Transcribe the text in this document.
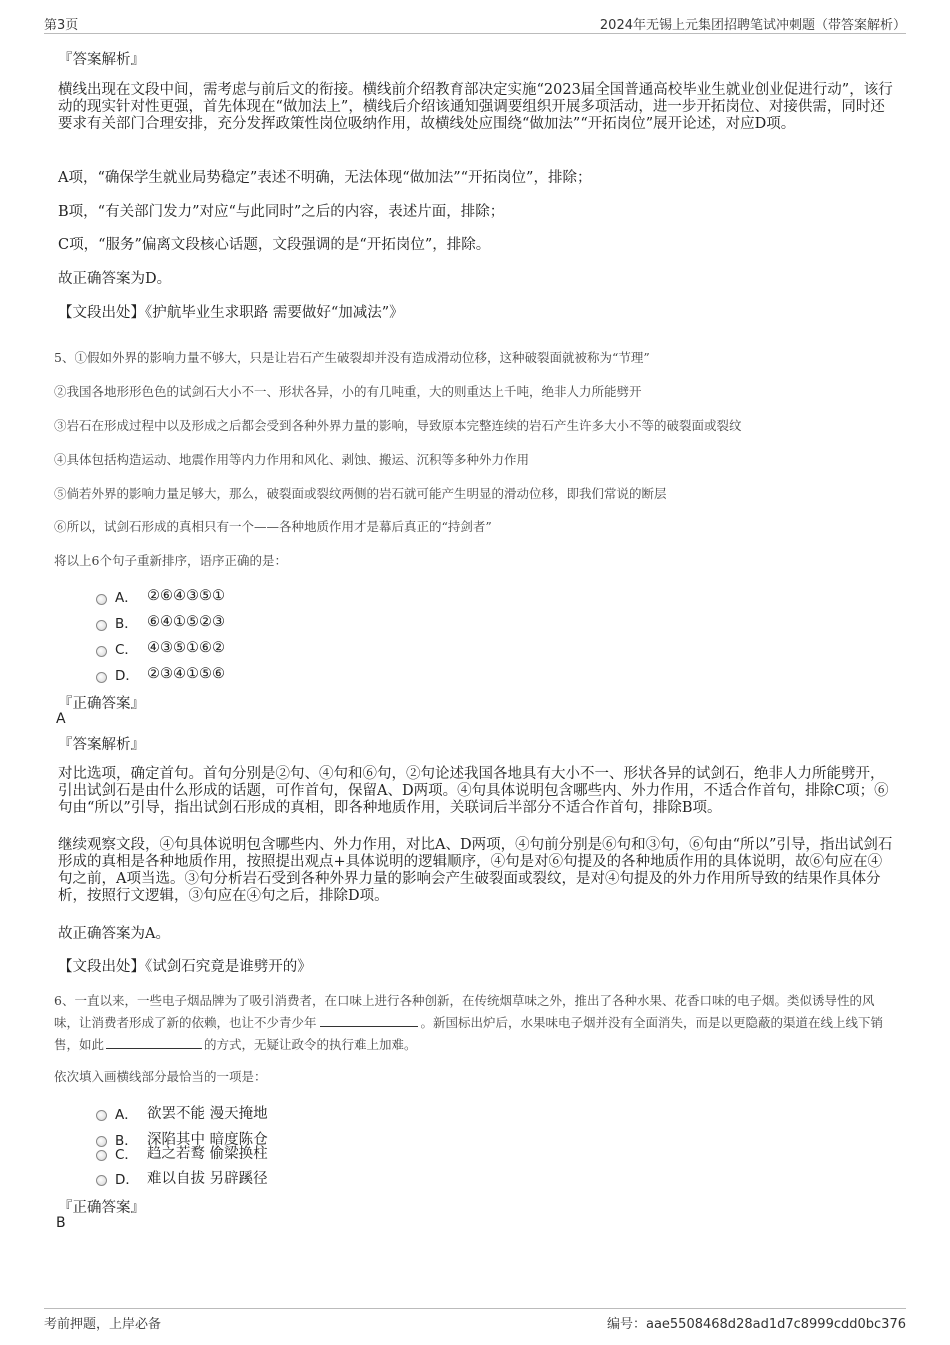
第3页	2024年无锡上元集团招聘笔试冲刺题（带答案解析）
『答案解析』
横线出现在文段中间，需考虑与前后文的衔接。横线前介绍教育部决定实施“2023届全国普通高校毕业生就业创业促进行动”，该行动的现实针对性更强，首先体现在“做加法上”，横线后介绍该通知强调要组织开展多项活动，进一步开拓岗位、对接供需，同时还要求有关部门合理安排，充分发挥政策性岗位吸纳作用，故横线处应围绕“做加法”“开拓岗位”展开论述，对应D项。
A项，“确保学生就业局势稳定”表述不明确，无法体现“做加法”“开拓岗位”，排除；
B项，“有关部门发力”对应“与此同时”之后的内容，表述片面，排除；
C项，“服务”偏离文段核心话题，文段强调的是“开拓岗位”，排除。
故正确答案为D。
【文段出处】《护航毕业生求职路 需要做好“加减法”》
5、①假如外界的影响力量不够大，只是让岩石产生破裂却并没有造成滑动位移，这种破裂面就被称为“节理”
②我国各地形形色色的试剑石大小不一、形状各异，小的有几吨重，大的则重达上千吨，绝非人力所能劈开
③岩石在形成过程中以及形成之后都会受到各种外界力量的影响，导致原本完整连续的岩石产生许多大小不等的破裂面或裂纹
④具体包括构造运动、地震作用等内力作用和风化、剥蚀、搬运、沉积等多种外力作用
⑤倘若外界的影响力量足够大，那么，破裂面或裂纹两侧的岩石就可能产生明显的滑动位移，即我们常说的断层
⑥所以，试剑石形成的真相只有一个——各种地质作用才是幕后真正的“持剑者”
将以上6个句子重新排序，语序正确的是：
A． ②⑥④③⑤①
B． ⑥④①⑤②③
C． ④③⑤①⑥②
D． ②③④①⑤⑥
『正确答案』
A
『答案解析』
对比选项，确定首句。首句分别是②句、④句和⑥句，②句论述我国各地具有大小不一、形状各异的试剑石，绝非人力所能劈开，引出试剑石是由什么形成的话题，可作首句，保留A、D两项。④句具体说明包含哪些内、外力作用，不适合作首句，排除C项；⑥句由“所以”引导，指出试剑石形成的真相，即各种地质作用，关联词后半部分不适合作首句，排除B项。
继续观察文段，④句具体说明包含哪些内、外力作用，对比A、D两项，④句前分别是⑥句和③句，⑥句由“所以”引导，指出试剑石形成的真相是各种地质作用，按照提出观点+具体说明的逻辑顺序，④句是对⑥句提及的各种地质作用的具体说明，故⑥句应在④句之前，A项当选。③句分析岩石受到各种外界力量的影响会产生破裂面或裂纹，是对④句提及的外力作用所导致的结果作具体分析，按照行文逻辑，③句应在④句之后，排除D项。
故正确答案为A。
【文段出处】《试剑石究竟是谁劈开的》
6、一直以来，一些电子烟品牌为了吸引消费者，在口味上进行各种创新，在传统烟草味之外，推出了各种水果、花香口味的电子烟。类似诱导性的风味，让消费者形成了新的依赖，也让不少青少年	。新国标出炉后，水果味电子烟并没有全面消失，而是以更隐蔽的渠道在线上线下销售，如此	的方式，无疑让政令的执行难上加难。
依次填入画横线部分最恰当的一项是：
A． 欲罢不能 漫天掩地
B． 深陷其中 暗度陈仓
C． 趋之若鹜 偷梁换柱
D． 难以自拔 另辟蹊径
『正确答案』
B
考前押题，上岸必备	编号：aae5508468d28ad1d7c8999cdd0bc376
